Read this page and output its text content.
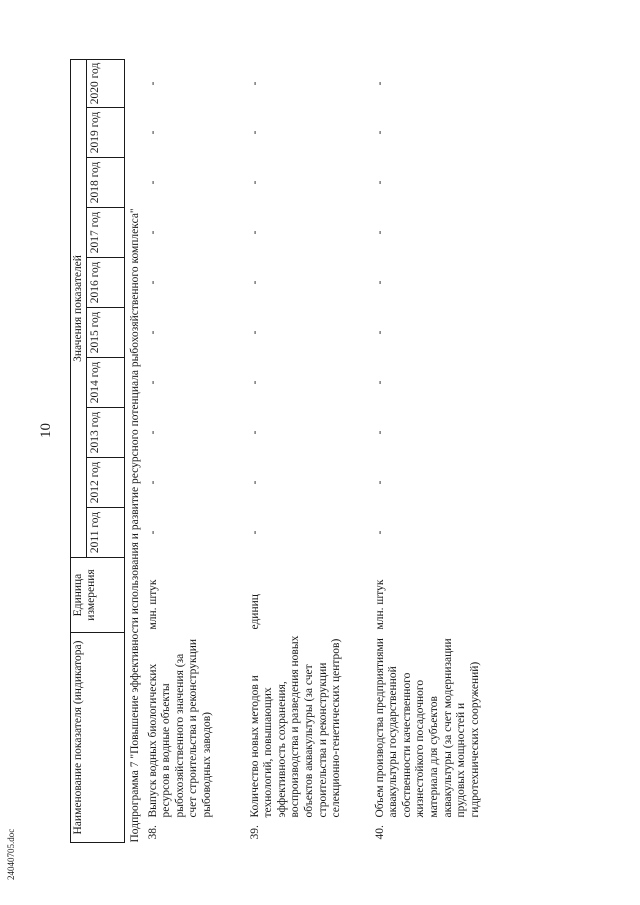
10
24040705.doc
Наименование показателя (индикатора)		Единица измерения	Значения показателей									
			2011 год	2012 год	2013 год	2014 год	2015 год	2016 год	2017 год	2018 год	2019 год	2020 год
Подпрограмма 7 "Повышение эффективности использования и развитие ресурсного потенциала рыбохозяйственного комплекса"												
38.	Выпуск водных биологических ресурсов в водные объекты рыбохозяйственного значения (за счет строительства и реконструкции рыбоводных заводов)	млн. штук	-	-	-	-	-	-	-	-	-	-
39.	Количество новых методов и технологий, повышающих эффективность сохранения, воспроизводства и разведения новых объектов аквакультуры (за счет строительства и реконструкции селекционно-генетических центров)	единиц	-	-	-	-	-	-	-	-	-	-
40.	Объем производства предприятиями аквакультуры государственной собственности качественного жизнестойкого посадочного материала для субъектов аквакультуры (за счет модернизации прудовых мощностей и гидротехнических сооружений)	млн. штук	-	-	-	-	-	-	-	-	-	-
